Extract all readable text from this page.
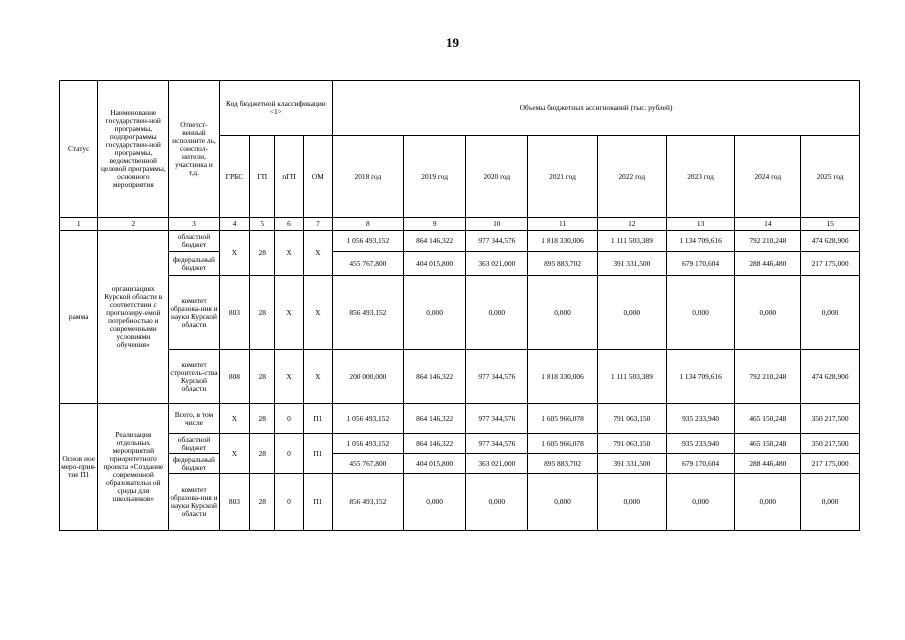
19
Статус	Наименование государствен-ной программы, подпрограммы государствен-ной программы, ведомственной целевой программы, основного мероприятия	Ответст-венный исполните ль, соиспол-нители, участника и т.д.	Код бюджетной классификации <1>				Объемы бюджетных ассигнований (тыс. рублей)							
			ГРБС	ГП	пГП	ОМ	2018 год	2019 год	2020 год	2021 год	2022 год	2023 год	2024 год	2025 год
1	2	3	4	5	6	7	8	9	10	11	12	13	14	15
рамма	организациях Курской области в соответствии с прогнозиру-емой потребностью и современными условиями обучения»	областной бюджет	X	28	X	X	1 056 493,152	864 146,322	977 344,576	1 818 330,006	1 111 503,389	1 134 709,616	792 210,248	474 628,900
		федеральный бюджет					455 767,800	404 015,800	363 021,000	895 883,702	391 331,500	679 170,604	288 446,480	217 175,000
		комитет образова-ния и науки Курской области	803	28	X	X	856 493,152	0,000	0,000	0,000	0,000	0,000	0,000	0,000
		комитет строитель-ства Курской области	808	28	X	X	200 000,000	864 146,322	977 344,576	1 818 330,006	1 111 503,389	1 134 709,616	792 210,248	474 628,900
Основ ное меро-прия-тие П1	Реализация отдельных мероприятий приоритетного проекта «Создание современной образовательн ой среды для школьников»	Всего, в том числе	X	28	0	П1	1 056 493,152	864 146,322	977 344,576	1 605 966,078	791 063,150	935 233,940	465 150,248	350 217,500
		областной бюджет	X	28	0	П1	1 056 493,152	864 146,322	977 344,576	1 605 966,078	791 063,150	935 233,940	465 150,248	350 217,500
		федеральный бюджет					455 767,800	404 015,800	363 021,000	895 883,702	391 331,500	679 170,604	288 446,480	217 175,000
		комитет образова-ния и науки Курской области	803	28	0	П1	856 493,152	0,000	0,000	0,000	0,000	0,000	0,000	0,000
